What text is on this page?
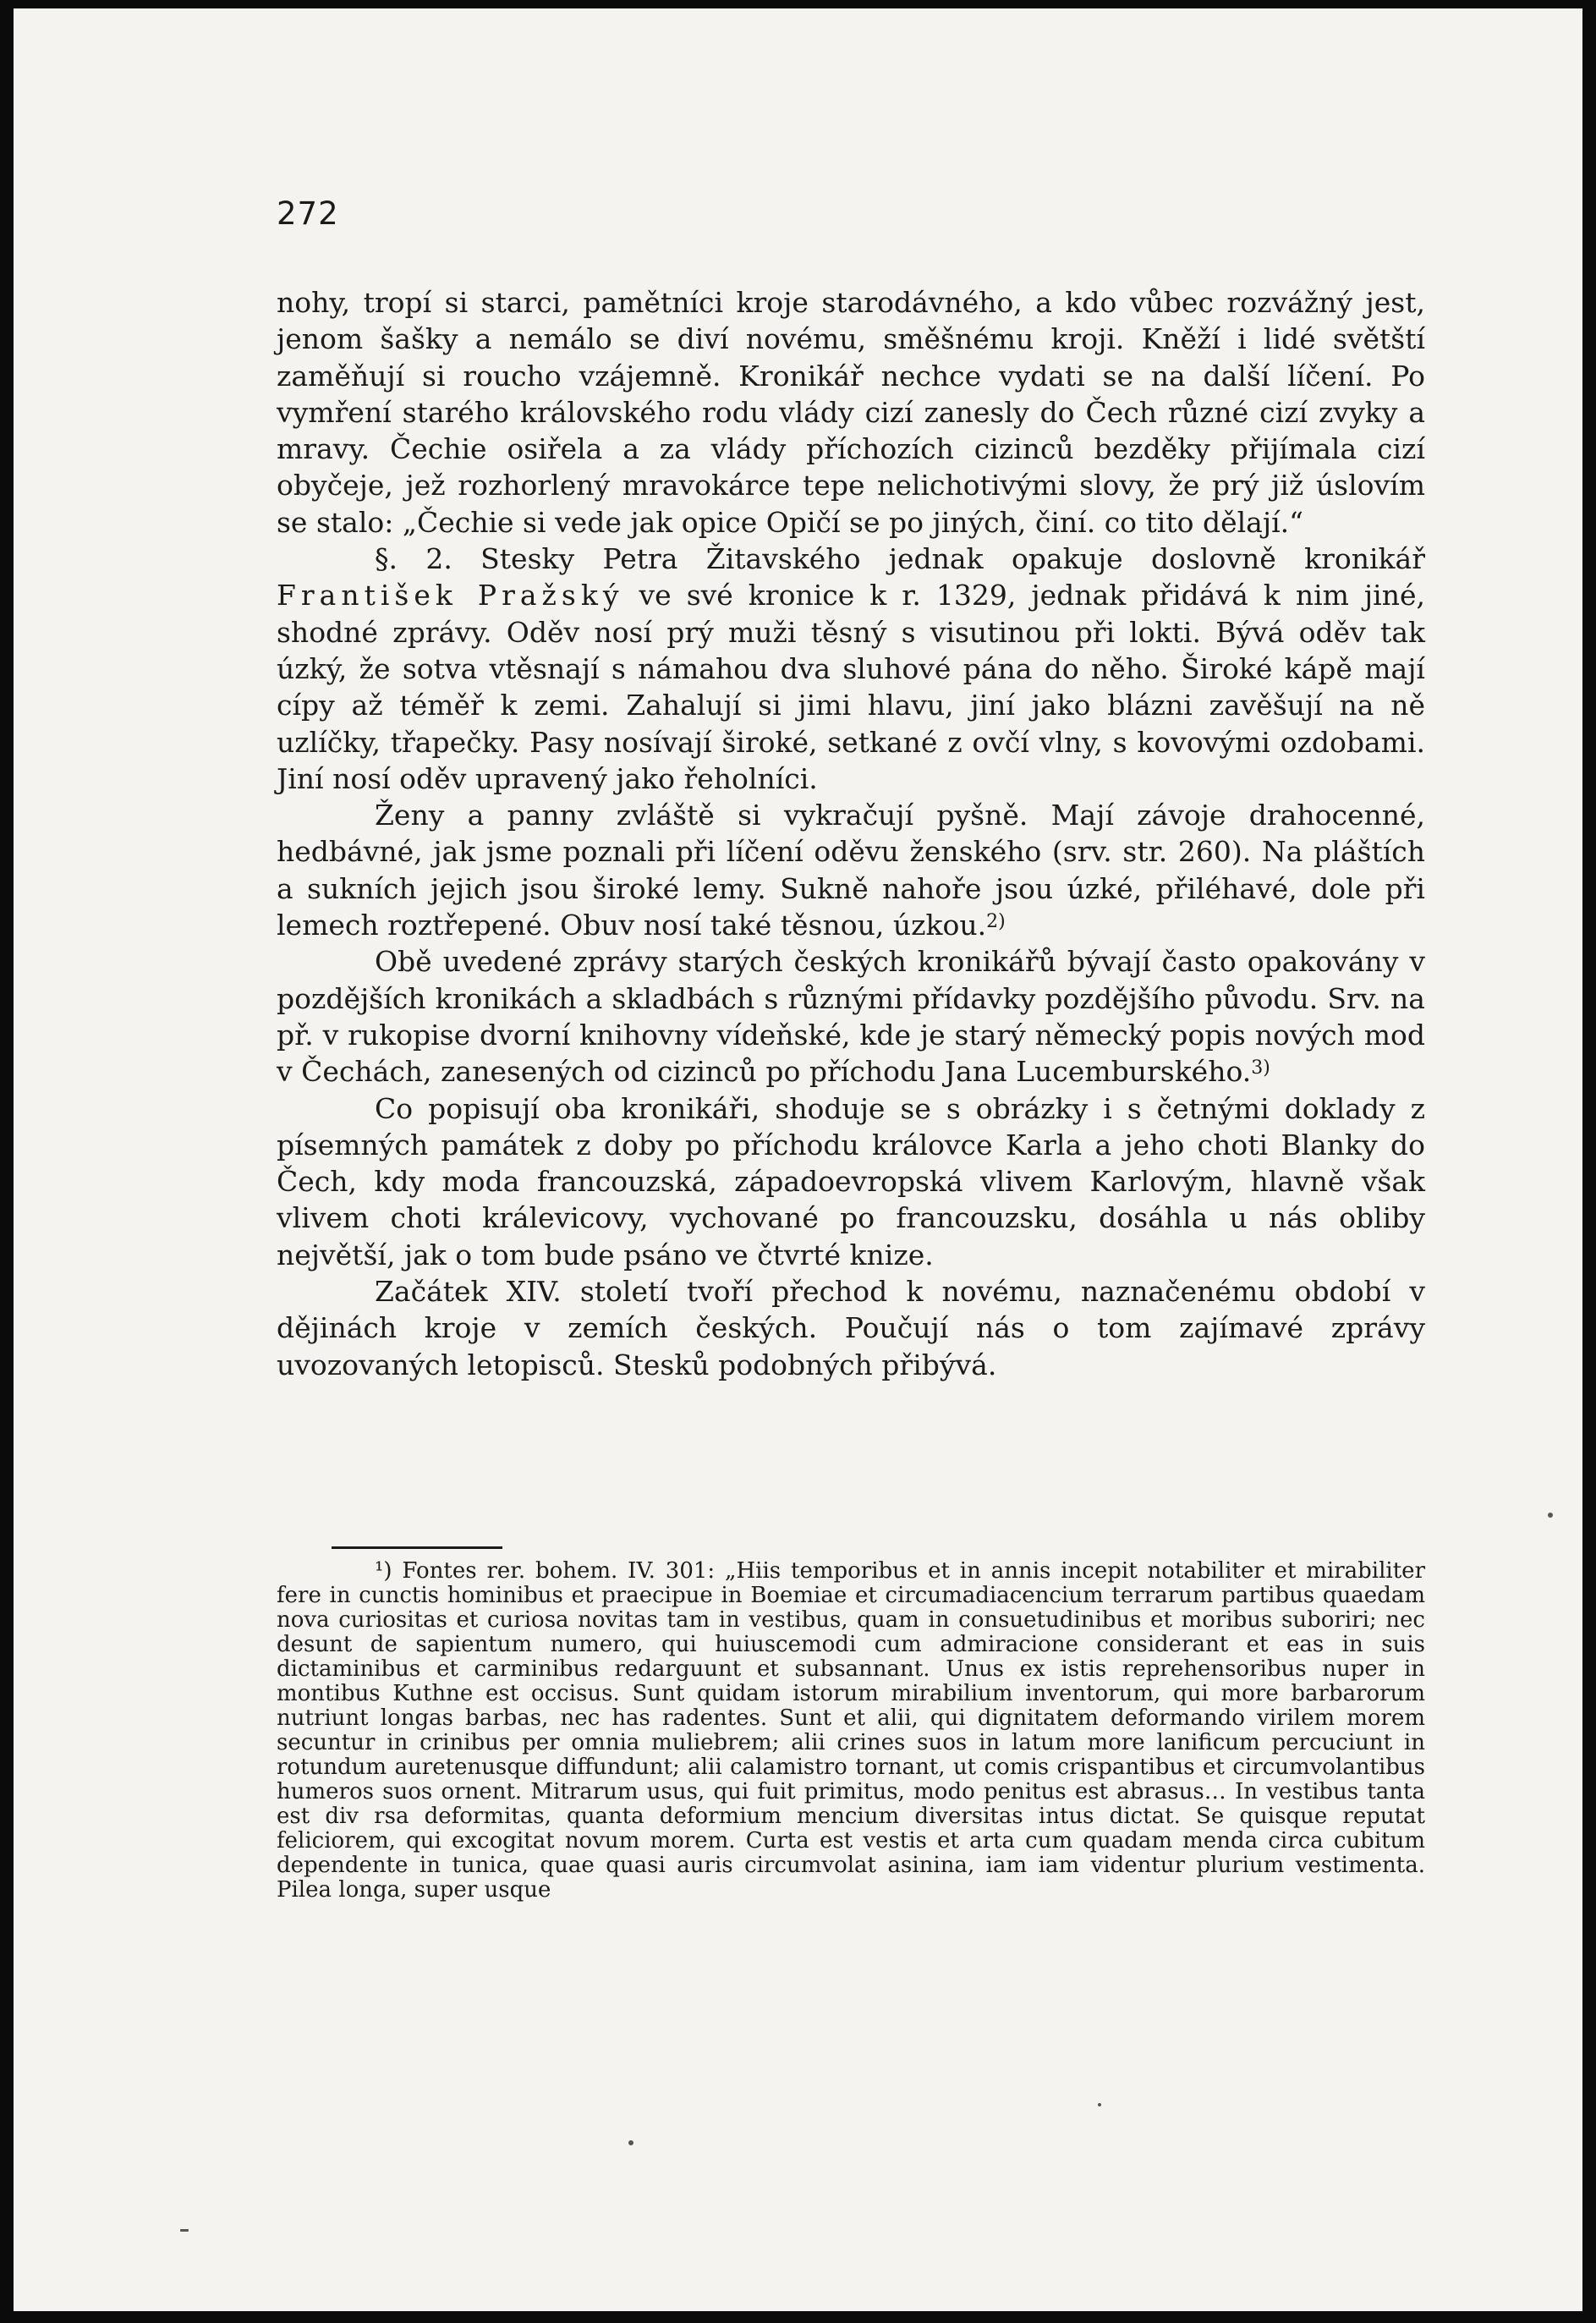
272

nohy, tropí si starci, pamětníci kroje starodávného, a kdo vůbec rozvážný jest, jenom šašky a nemálo se diví novému, směšnému kroji. Kněží i lidé světští zaměňují si roucho vzájemně. Kronikář nechce vydati se na další líčení. Po vymření starého královského rodu vlády cizí zanesly do Čech různé cizí zvyky a mravy. Čechie osiřela a za vlády příchozích cizinců bezděky přijímala cizí obyčeje, jež rozhorlený mravokárce tepe nelichotivými slovy, že prý již úslovím se stalo: „Čechie si vede jak opice Opičí se po jiných, činí. co tito dělají.“

§. 2. Stesky Petra Žitavského jednak opakuje doslovně kronikář František Pražský ve své kronice k r. 1329, jednak přidává k nim jiné, shodné zprávy. Oděv nosí prý muži těsný s visutinou při lokti. Bývá oděv tak úzký, že sotva vtěsnají s námahou dva sluhové pána do něho. Široké kápě mají cípy až téměř k zemi. Zahalují si jimi hlavu, jiní jako blázni zavěšují na ně uzlíčky, třapečky. Pasy nosívají široké, setkané z ovčí vlny, s kovovými ozdobami. Jiní nosí oděv upravený jako řeholníci.

Ženy a panny zvláště si vykračují pyšně. Mají závoje drahocenné, hedbávné, jak jsme poznali při líčení oděvu ženského (srv. str. 260). Na pláštích a sukních jejich jsou široké lemy. Sukně nahoře jsou úzké, přiléhavé, dole při lemech roztřepené. Obuv nosí také těsnou, úzkou.$^{2)}$

Obě uvedené zprávy starých českých kronikářů bývají často opakovány v pozdějších kronikách a skladbách s různými přídavky pozdějšího původu. Srv. na př. v rukopise dvorní knihovny vídeňské, kde je starý německý popis nových mod v Čechách, zanesených od cizinců po příchodu Jana Lucemburského.$^{3)}$

Co popisují oba kronikáři, shoduje se s obrázky i s četnými doklady z písemných památek z doby po příchodu královce Karla a jeho choti Blanky do Čech, kdy moda francouzská, západoevropská vlivem Karlovým, hlavně však vlivem choti králevicovy, vychované po francouzsku, dosáhla u nás obliby největší, jak o tom bude psáno ve čtvrté knize.

Začátek XIV. století tvoří přechod k novému, naznačenému období v dějinách kroje v zemích českých. Poučují nás o tom zajímavé zprávy uvozovaných letopisců. Stesků podobných přibývá.

¹) Fontes rer. bohem. IV. 301: „Hiis temporibus et in annis incepit notabiliter et mirabiliter fere in cunctis hominibus et praecipue in Boemiae et circumadiacencium terrarum partibus quaedam nova curiositas et curiosa novitas tam in vestibus, quam in consuetudinibus et moribus suboriri; nec desunt de sapientum numero, qui huiuscemodi cum admiracione considerant et eas in suis dictaminibus et carminibus redarguunt et subsannant. Unus ex istis reprehensoribus nuper in montibus Kuthne est occisus. Sunt quidam istorum mirabilium inventorum, qui more barbarorum nutriunt longas barbas, nec has radentes. Sunt et alii, qui dignitatem deformando virilem morem secuntur in crinibus per omnia muliebrem; alii crines suos in latum more lanificum percuciunt in rotundum auretenusque diffundunt; alii calamistro tornant, ut comis crispantibus et circumvolantibus humeros suos ornent. Mitrarum usus, qui fuit primitus, modo penitus est abrasus… In vestibus tanta est div rsa deformitas, quanta deformium mencium diversitas intus dictat. Se quisque reputat feliciorem, qui excogitat novum morem. Curta est vestis et arta cum quadam menda circa cubitum dependente in tunica, quae quasi auris circumvolat asinina, iam iam videntur plurium vestimenta. Pilea longa, super usque
